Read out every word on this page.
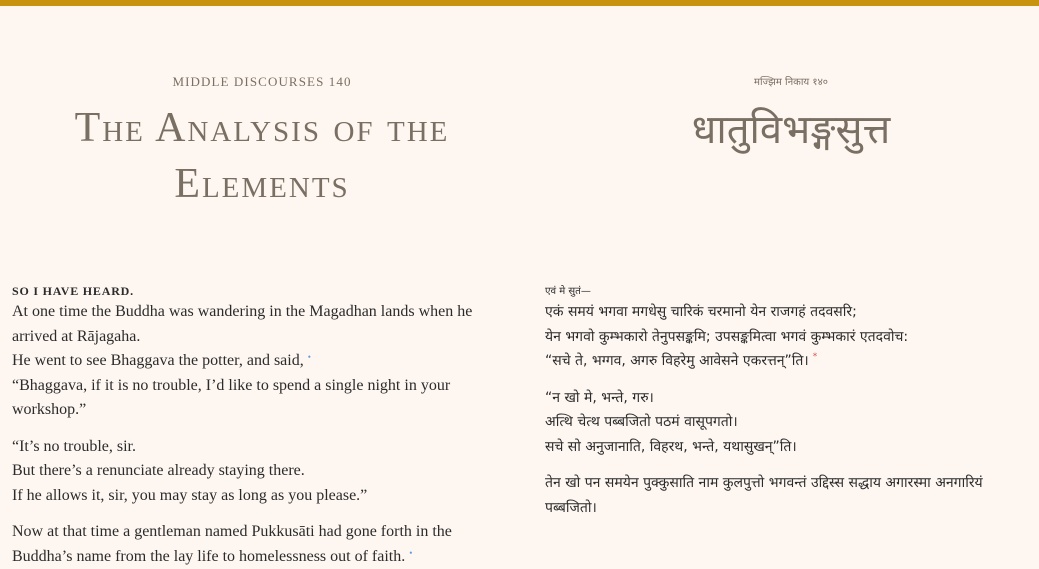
MIDDLE DISCOURSES 140
The Analysis of the
Elements
मज्झिम निकाय १४०
धातुविभङ्गसुत्त
SO I HAVE HEARD.
At one time the Buddha was wandering in the Magadhan lands when he
arrived at Rājagaha.
He went to see Bhaggava the potter, and said, •
“Bhaggava, if it is no trouble, I’d like to spend a single night in your
workshop.”
“It’s no trouble, sir.
But there’s a renunciate already staying there.
If he allows it, sir, you may stay as long as you please.”
Now at that time a gentleman named Pukkusāti had gone forth in the
Buddha’s name from the lay life to homelessness out of faith. •
एवं मे सुतं—
एकं समयं भगवा मगधेसु चारिकं चरमानो येन राजगहं तदवसरि;
येन भगवो कुम्भकारो तेनुपसङ्कमि; उपसङ्कमित्वा भगवं कुम्भकारं एतदवोच:
“सचे ते, भग्गव, अगरु विहरेमु आवेसने एकरत्तन्”ति। *
“न खो मे, भन्ते, गरु।
अत्थि चेत्थ पब्बजितो पठमं वासूपगतो।
सचे सो अनुजानाति, विहरथ, भन्ते, यथासुखन्”ति।
तेन खो पन समयेन पुक्कुसाति नाम कुलपुत्तो भगवन्तं उद्दिस्स सद्धाय अगारस्मा अनगारियं
पब्बजितो।
